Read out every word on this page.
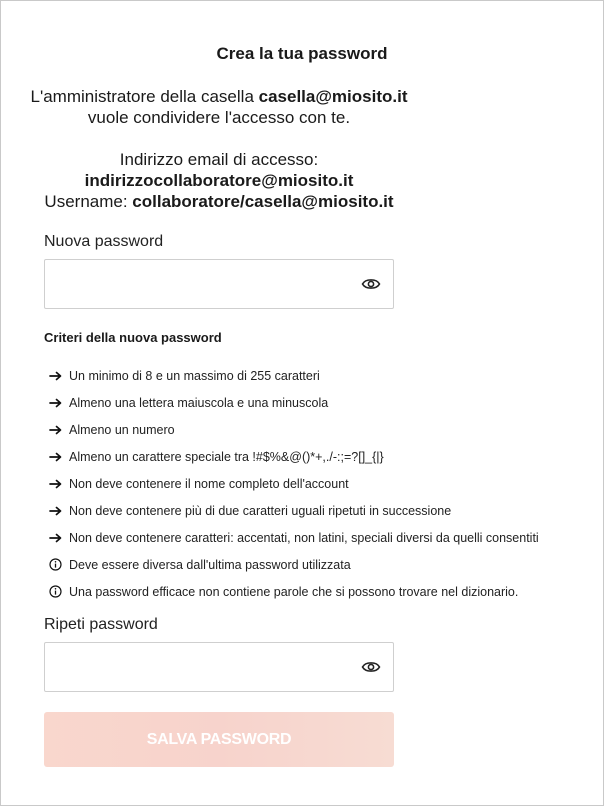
Crea la tua password
L'amministratore della casella casella@miosito.it
vuole condividere l'accesso con te.
Indirizzo email di accesso:
indirizzocollaboratore@miosito.it
Username: collaboratore/casella@miosito.it
Nuova password
Criteri della nuova password
Un minimo di 8 e un massimo di 255 caratteri
Almeno una lettera maiuscola e una minuscola
Almeno un numero
Almeno un carattere speciale tra !#$%&@()*+,./-:;=?[]_{|}
Non deve contenere il nome completo dell'account
Non deve contenere più di due caratteri uguali ripetuti in successione
Non deve contenere caratteri: accentati, non latini, speciali diversi da quelli consentiti
Deve essere diversa dall'ultima password utilizzata
Una password efficace non contiene parole che si possono trovare nel dizionario.
Ripeti password
SALVA PASSWORD
